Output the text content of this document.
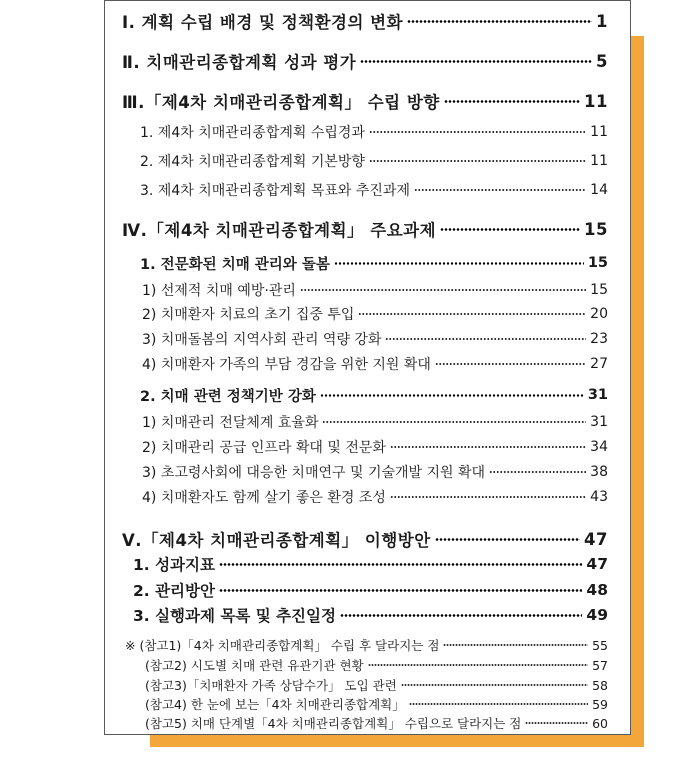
Ⅰ. 계획 수립 배경 및 정책환경의 변화	1
Ⅱ. 치매관리종합계획 성과 평가	5
Ⅲ.「제4차 치매관리종합계획」 수립 방향	11
1. 제4차 치매관리종합계획 수립경과	11
2. 제4차 치매관리종합계획 기본방향	11
3. 제4차 치매관리종합계획 목표와 추진과제	14
Ⅳ.「제4차 치매관리종합계획」 주요과제	15
1. 전문화된 치매 관리와 돌봄	15
1) 선제적 치매 예방·관리	15
2) 치매환자 치료의 초기 집중 투입	20
3) 치매돌봄의 지역사회 관리 역량 강화	23
4) 치매환자 가족의 부담 경감을 위한 지원 확대	27
2. 치매 관련 정책기반 강화	31
1) 치매관리 전달체계 효율화	31
2) 치매관리 공급 인프라 확대 및 전문화	34
3) 초고령사회에 대응한 치매연구 및 기술개발 지원 확대	38
4) 치매환자도 함께 살기 좋은 환경 조성	43
Ⅴ.「제4차 치매관리종합계획」 이행방안	47
1. 성과지표	47
2. 관리방안	48
3. 실행과제 목록 및 추진일정	49
※ (참고1)「4차 치매관리종합계획」 수립 후 달라지는 점	55
(참고2) 시도별 치매 관련 유관기관 현황	57
(참고3)「치매환자 가족 상담수가」 도입 관련	58
(참고4) 한 눈에 보는「4차 치매관리종합계획」	59
(참고5) 치매 단계별「4차 치매관리종합계획」 수립으로 달라지는 점	60
